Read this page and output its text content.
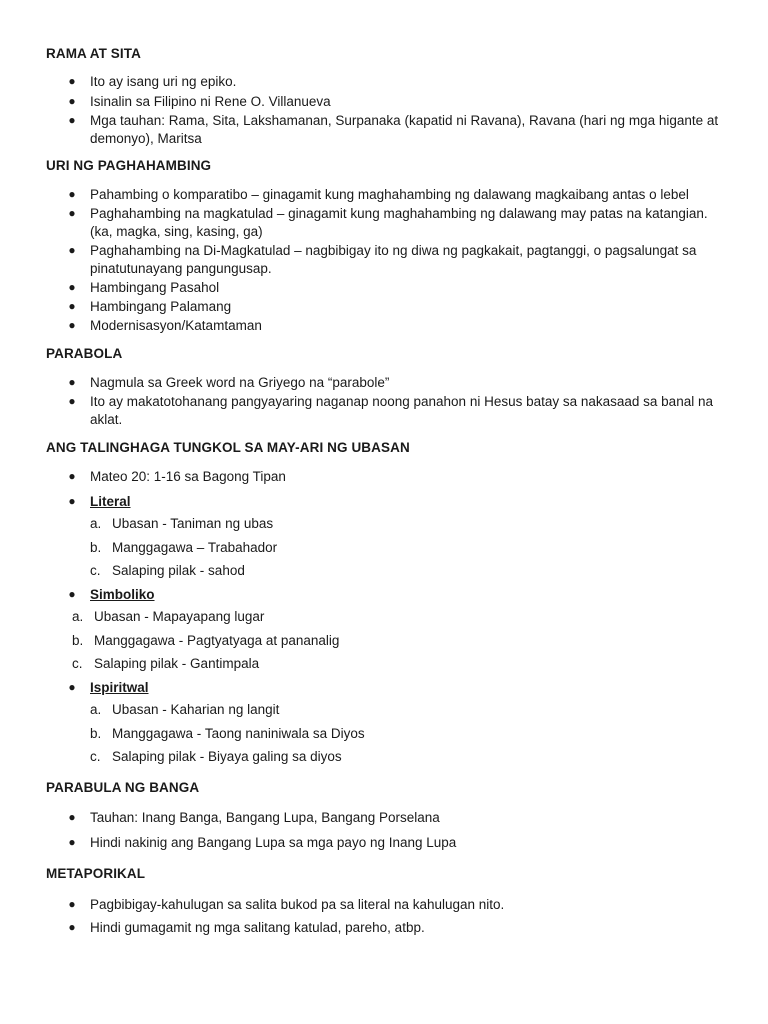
RAMA AT SITA
● Ito ay isang uri ng epiko.
● Isinalin sa Filipino ni Rene O. Villanueva
● Mga tauhan: Rama, Sita, Lakshamanan, Surpanaka (kapatid ni Ravana), Ravana (hari ng mga higante at demonyo), Maritsa
URI NG PAGHAHAMBING
● Pahambing o komparatibo – ginagamit kung maghahambing ng dalawang magkaibang antas o lebel
● Paghahambing na magkatulad – ginagamit kung maghahambing ng dalawang may patas na katangian. (ka, magka, sing, kasing, ga)
● Paghahambing na Di-Magkatulad – nagbibigay ito ng diwa ng pagkakait, pagtanggi, o pagsalungat sa pinatutunayang pangungusap.
● Hambingang Pasahol
● Hambingang Palamang
● Modernisasyon/Katamtaman
PARABOLA
● Nagmula sa Greek word na Griyego na “parabole”
● Ito ay makatotohanang pangyayaring naganap noong panahon ni Hesus batay sa nakasaad sa banal na aklat.
ANG TALINGHAGA TUNGKOL SA MAY-ARI NG UBASAN
● Mateo 20: 1-16 sa Bagong Tipan
● Literal
a. Ubasan - Taniman ng ubas
b. Manggagawa – Trabahador
c. Salaping pilak - sahod
● Simboliko
a. Ubasan - Mapayapang lugar
b. Manggagawa - Pagtyatyaga at pananalig
c. Salaping pilak - Gantimpala
● Ispiritwal
a. Ubasan - Kaharian ng langit
b. Manggagawa - Taong naniniwala sa Diyos
c. Salaping pilak - Biyaya galing sa diyos
PARABULA NG BANGA
● Tauhan: Inang Banga, Bangang Lupa, Bangang Porselana
● Hindi nakinig ang Bangang Lupa sa mga payo ng Inang Lupa
METAPORIKAL
● Pagbibigay-kahulugan sa salita bukod pa sa literal na kahulugan nito.
● Hindi gumagamit ng mga salitang katulad, pareho, atbp.
